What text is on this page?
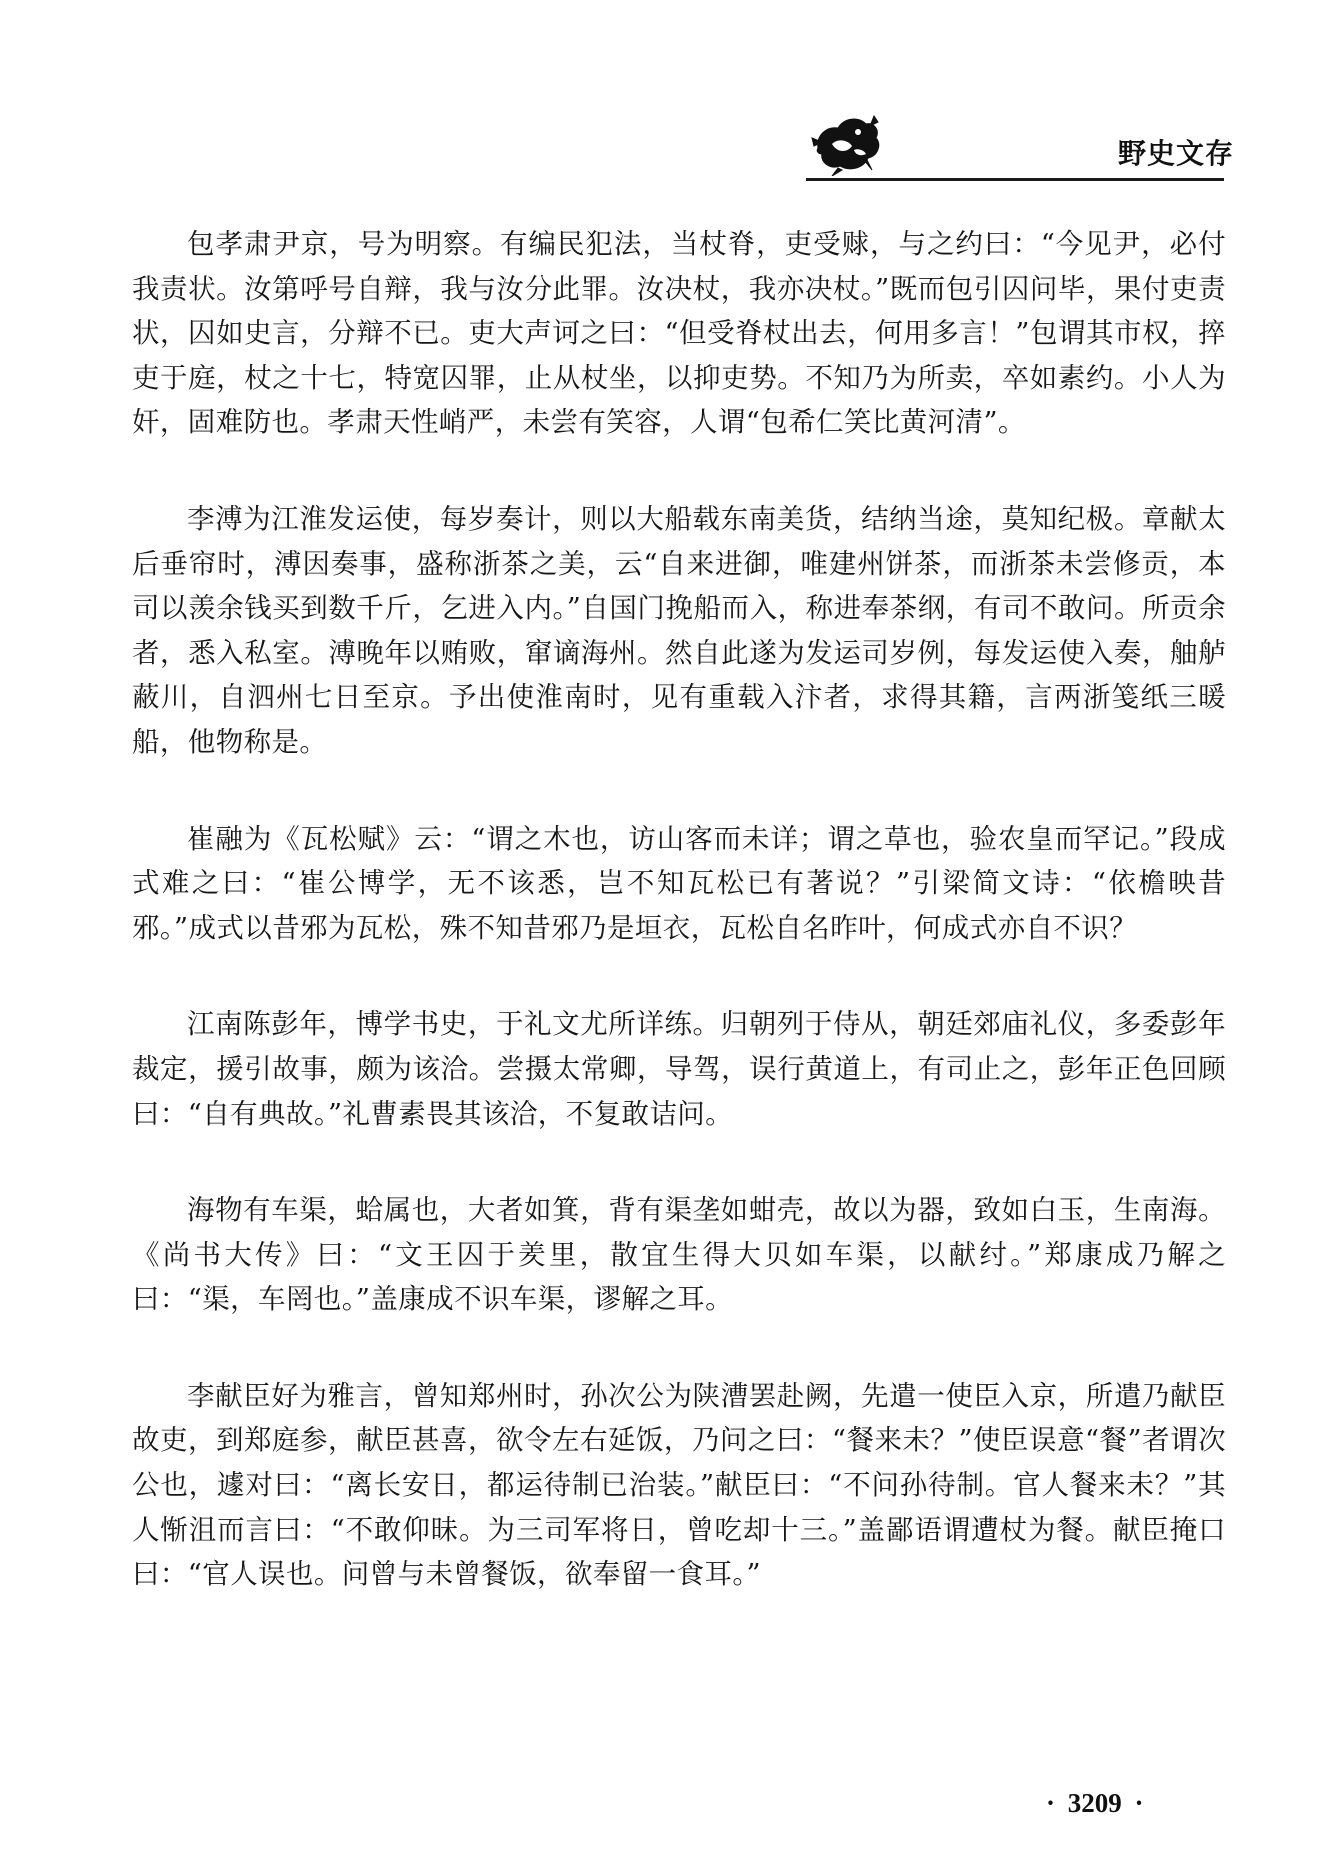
野史文存

包孝肃尹京，号为明察。有编民犯法，当杖脊，吏受赇，与之约曰：“今见尹，必付我责状。汝第呼号自辩，我与汝分此罪。汝决杖，我亦决杖。”既而包引囚问毕，果付吏责状，囚如史言，分辩不已。吏大声诃之曰：“但受脊杖出去，何用多言！”包谓其市权，捽吏于庭，杖之十七，特宽囚罪，止从杖坐，以抑吏势。不知乃为所卖，卒如素约。小人为奸，固难防也。孝肃天性峭严，未尝有笑容，人谓“包希仁笑比黄河清”。

李溥为江淮发运使，每岁奏计，则以大船载东南美货，结纳当途，莫知纪极。章献太后垂帘时，溥因奏事，盛称浙茶之美，云“自来进御，唯建州饼茶，而浙茶未尝修贡，本司以羡余钱买到数千斤，乞进入内。”自国门挽船而入，称进奉茶纲，有司不敢问。所贡余者，悉入私室。溥晚年以贿败，窜谪海州。然自此遂为发运司岁例，每发运使入奏，舳舻蔽川，自泗州七日至京。予出使淮南时，见有重载入汴者，求得其籍，言两浙笺纸三暖船，他物称是。

崔融为《瓦松赋》云：“谓之木也，访山客而未详；谓之草也，验农皇而罕记。”段成式难之曰：“崔公博学，无不该悉，岂不知瓦松已有著说？”引梁简文诗：“依檐映昔邪。”成式以昔邪为瓦松，殊不知昔邪乃是垣衣，瓦松自名昨叶，何成式亦自不识？

江南陈彭年，博学书史，于礼文尤所详练。归朝列于侍从，朝廷郊庙礼仪，多委彭年裁定，援引故事，颇为该洽。尝摄太常卿，导驾，误行黄道上，有司止之，彭年正色回顾曰：“自有典故。”礼曹素畏其该洽，不复敢诘问。

海物有车渠，蛤属也，大者如箕，背有渠垄如蚶壳，故以为器，致如白玉，生南海。《尚书大传》曰：“文王囚于羑里，散宜生得大贝如车渠，以献纣。”郑康成乃解之曰：“渠，车罔也。”盖康成不识车渠，谬解之耳。

李献臣好为雅言，曾知郑州时，孙次公为陕漕罢赴阙，先遣一使臣入京，所遣乃献臣故吏，到郑庭参，献臣甚喜，欲令左右延饭，乃问之曰：“餐来未？”使臣误意“餐”者谓次公也，遽对曰：“离长安日，都运待制已治装。”献臣曰：“不问孙待制。官人餐来未？”其人惭沮而言曰：“不敢仰昧。为三司军将日，曾吃却十三。”盖鄙语谓遭杖为餐。献臣掩口曰：“官人误也。问曾与未曾餐饭，欲奉留一食耳。”

· 3209 ·
